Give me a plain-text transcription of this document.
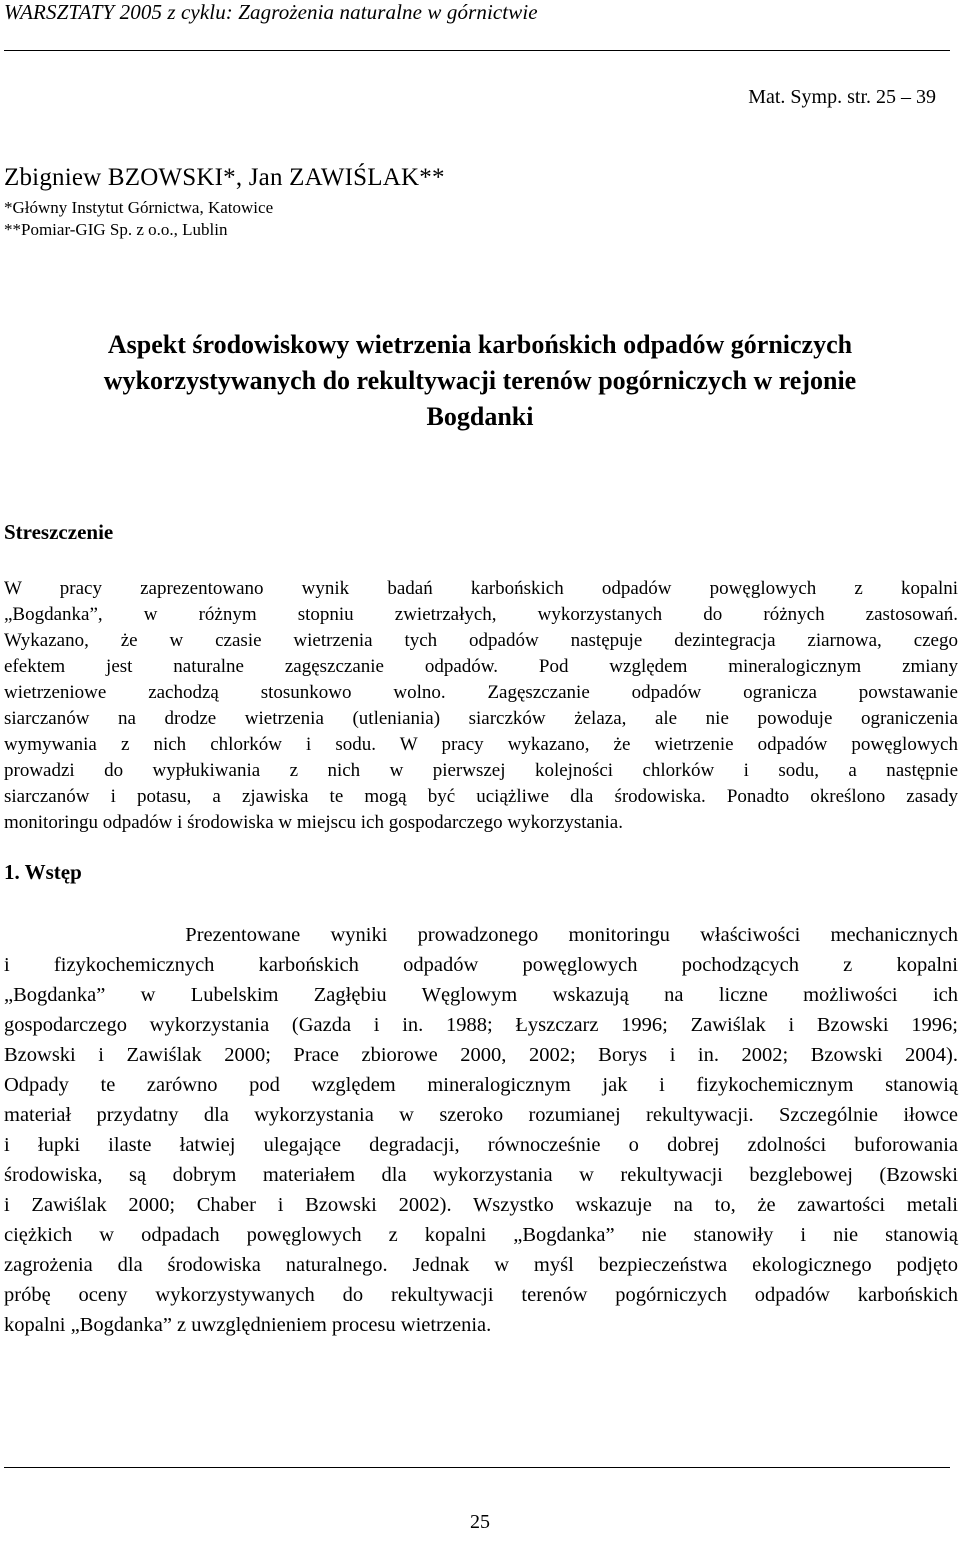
WARSZTATY 2005 z cyklu: Zagrożenia naturalne w górnictwie
Mat. Symp. str. 25 – 39
Zbigniew BZOWSKI*, Jan ZAWIŚLAK**
*Główny Instytut Górnictwa, Katowice
**Pomiar-GIG Sp. z o.o., Lublin
Aspekt środowiskowy wietrzenia karbońskich odpadów górniczych
wykorzystywanych do rekultywacji terenów pogórniczych w rejonie
Bogdanki
Streszczenie
W pracy zaprezentowano wynik badań karbońskich odpadów powęglowych z kopalni
„Bogdanka”, w różnym stopniu zwietrzałych, wykorzystanych do różnych zastosowań.
Wykazano, że w czasie wietrzenia tych odpadów następuje dezintegracja ziarnowa, czego
efektem jest naturalne zagęszczanie odpadów. Pod względem mineralogicznym zmiany
wietrzeniowe zachodzą stosunkowo wolno. Zagęszczanie odpadów ogranicza powstawanie
siarczanów na drodze wietrzenia (utleniania) siarczków żelaza, ale nie powoduje ograniczenia
wymywania z nich chlorków i sodu. W pracy wykazano, że wietrzenie odpadów powęglowych
prowadzi do wypłukiwania z nich w pierwszej kolejności chlorków i sodu, a następnie
siarczanów i potasu, a zjawiska te mogą być uciążliwe dla środowiska. Ponadto określono zasady
monitoringu odpadów i środowiska w miejscu ich gospodarczego wykorzystania.
1. Wstęp
Prezentowane wyniki prowadzonego monitoringu właściwości mechanicznych
i fizykochemicznych karbońskich odpadów powęglowych pochodzących z kopalni
„Bogdanka” w Lubelskim Zagłębiu Węglowym wskazują na liczne możliwości ich
gospodarczego wykorzystania (Gazda i in. 1988; Łyszczarz 1996; Zawiślak i Bzowski 1996;
Bzowski i Zawiślak 2000; Prace zbiorowe 2000, 2002; Borys i in. 2002; Bzowski 2004).
Odpady te zarówno pod względem mineralogicznym jak i fizykochemicznym stanowią
materiał przydatny dla wykorzystania w szeroko rozumianej rekultywacji. Szczególnie iłowce
i łupki ilaste łatwiej ulegające degradacji, równocześnie o dobrej zdolności buforowania
środowiska, są dobrym materiałem dla wykorzystania w rekultywacji bezglebowej (Bzowski
i Zawiślak 2000; Chaber i Bzowski 2002). Wszystko wskazuje na to, że zawartości metali
ciężkich w odpadach powęglowych z kopalni „Bogdanka” nie stanowiły i nie stanowią
zagrożenia dla środowiska naturalnego. Jednak w myśl bezpieczeństwa ekologicznego podjęto
próbę oceny wykorzystywanych do rekultywacji terenów pogórniczych odpadów karbońskich
kopalni „Bogdanka” z uwzględnieniem procesu wietrzenia.
25
